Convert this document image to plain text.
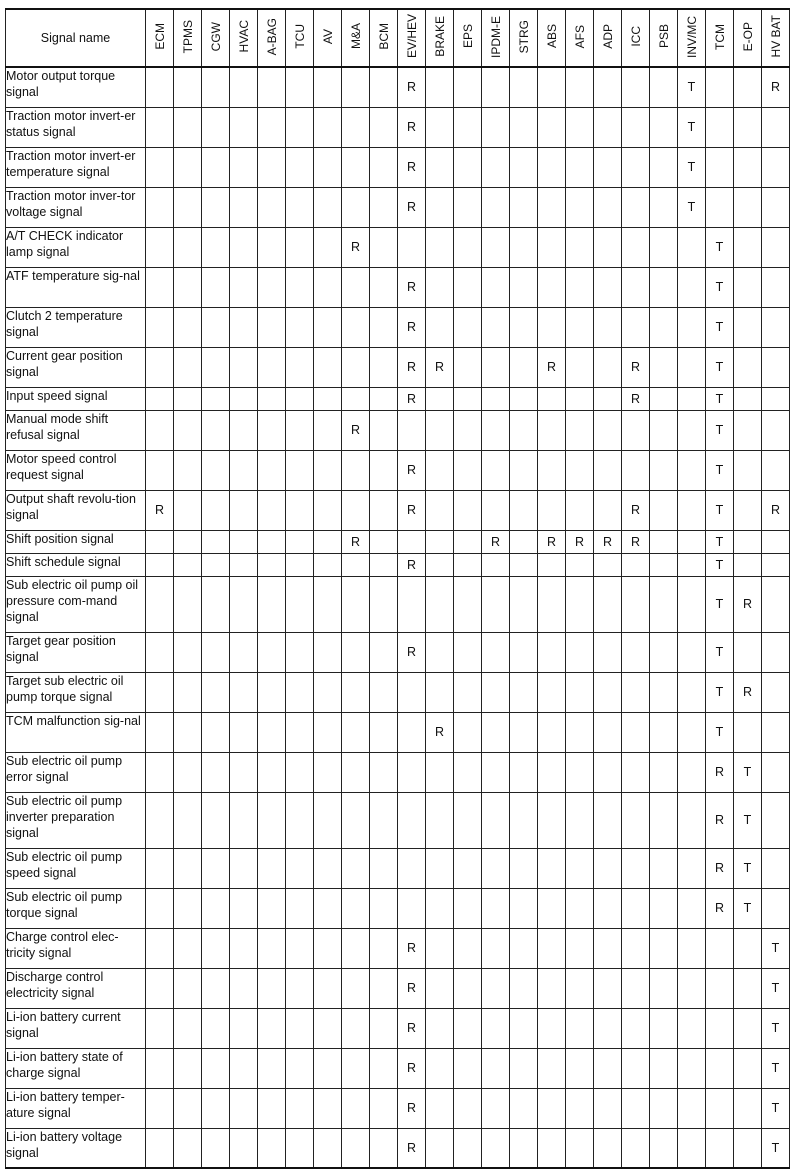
Signal name	ECM	TPMS	CGW	HVAC	A-BAG	TCU	AV	M&A	BCM	EV/HEV	BRAKE	EPS	IPDM-E	STRG	ABS	AFS	ADP	ICC	PSB	INV/MC	TCM	E-OP	HV BAT
Motor output torque signal										R										T			R
Traction motor invert-er status signal										R										T			
Traction motor invert-er temperature signal										R										T			
Traction motor inver-tor voltage signal										R										T			
A/T CHECK indicator lamp signal								R													T		
ATF temperature sig-nal										R											T		
Clutch 2 temperature signal										R											T		
Current gear position signal										R	R				R			R			T		
Input speed signal										R								R			T		
Manual mode shift refusal signal								R													T		
Motor speed control request signal										R											T		
Output shaft revolu-tion signal	R									R								R			T		R
Shift position signal								R					R		R	R	R	R			T		
Shift schedule signal										R											T		
Sub electric oil pump oil pressure com-mand signal																					T	R	
Target gear position signal										R											T		
Target sub electric oil pump torque signal																					T	R	
TCM malfunction sig-nal											R										T		
Sub electric oil pump error signal																					R	T	
Sub electric oil pump inverter preparation signal																					R	T	
Sub electric oil pump speed signal																					R	T	
Sub electric oil pump torque signal																					R	T	
Charge control elec-tricity signal										R													T
Discharge control electricity signal										R													T
Li-ion battery current signal										R													T
Li-ion battery state of charge signal										R													T
Li-ion battery temper-ature signal										R													T
Li-ion battery voltage signal										R													T
